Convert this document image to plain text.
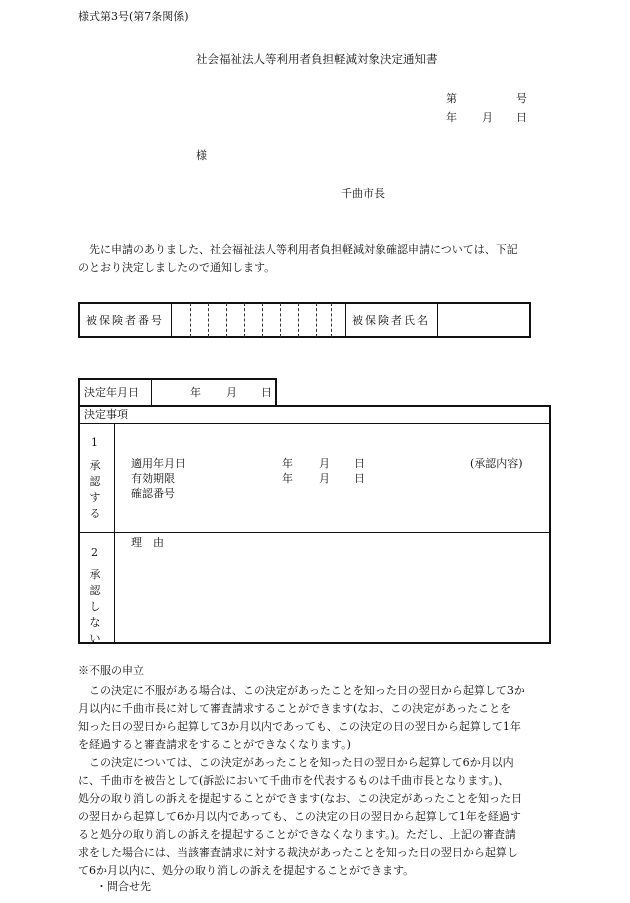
様式第3号(第7条関係)
社会福祉法人等利用者負担軽減対象決定通知書
第	号
年 月 日
様
千曲市長
先に申請のありました、社会福祉法人等利用者負担軽減対象確認申請については、下記
のとおり決定しましたので通知します。
被保険者番号	被保険者氏名
決定年月日	年 月 日
決定事項
1
承
認
す
る
適用年月日	年 月 日	(承認内容)
有効期限	年 月 日
確認番号
2
承
認
し
な
い
理　由
※不服の申立
この決定に不服がある場合は、この決定があったことを知った日の翌日から起算して3か
月以内に千曲市長に対して審査請求することができます(なお、この決定があったことを
知った日の翌日から起算して3か月以内であっても、この決定の日の翌日から起算して1年
を経過すると審査請求をすることができなくなります。)
この決定については、この決定があったことを知った日の翌日から起算して6か月以内
に、千曲市を被告として(訴訟において千曲市を代表するものは千曲市長となります。)、
処分の取り消しの訴えを提起することができます(なお、この決定があったことを知った日
の翌日から起算して6か月以内であっても、この決定の日の翌日から起算して1年を経過す
ると処分の取り消しの訴えを提起することができなくなります。)。ただし、上記の審査請
求をした場合には、当該審査請求に対する裁決があったことを知った日の翌日から起算し
て6か月以内に、処分の取り消しの訴えを提起することができます。
・問合せ先
